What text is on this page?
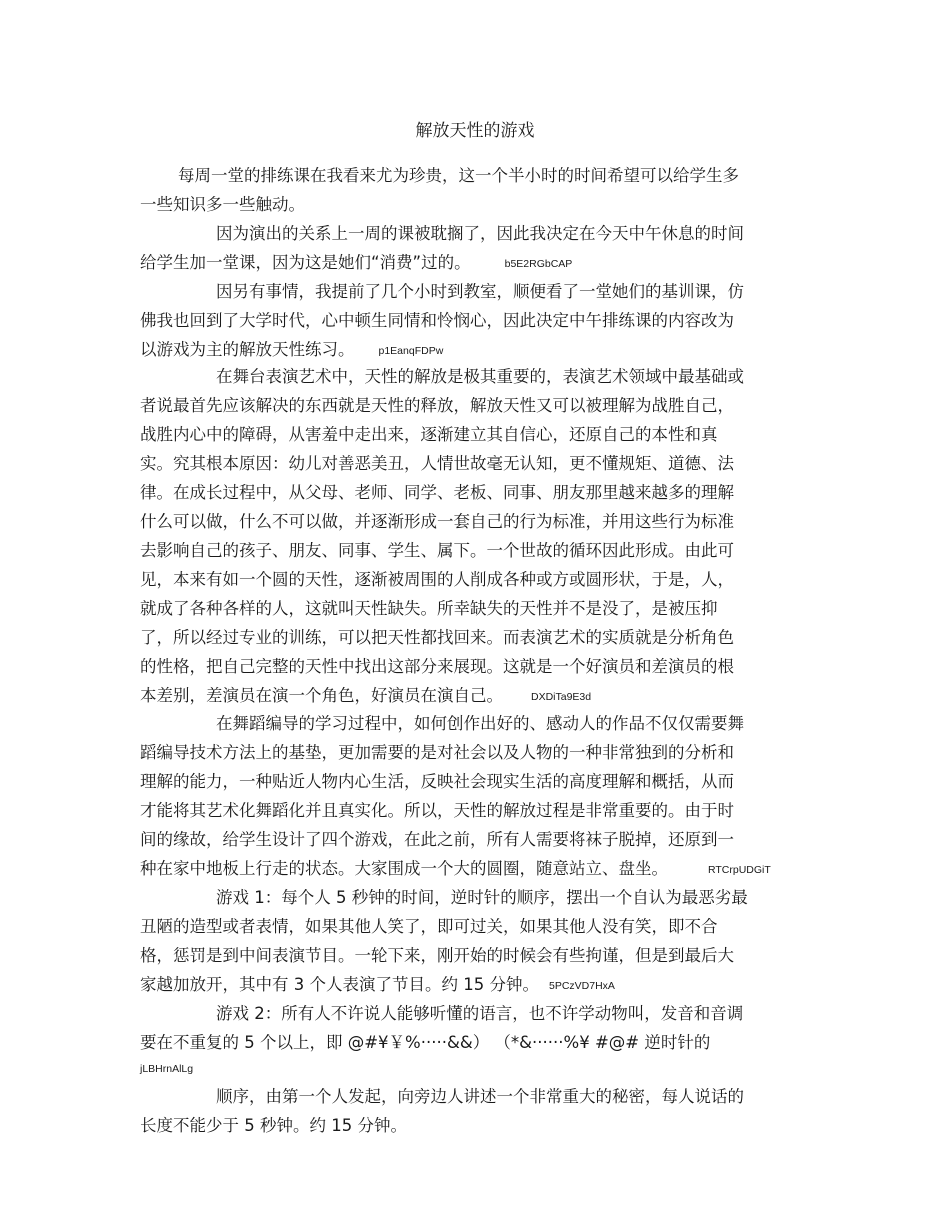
解放天性的游戏
每周一堂的排练课在我看来尤为珍贵，这一个半小时的时间希望可以给学生多
一些知识多一些触动。
因为演出的关系上一周的课被耽搁了，因此我决定在今天中午休息的时间
给学生加一堂课，因为这是她们“消费”过的。	b5E2RGbCAP
因另有事情，我提前了几个小时到教室，顺便看了一堂她们的基训课，仿
佛我也回到了大学时代，心中顿生同情和怜悯心，因此决定中午排练课的内容改为
以游戏为主的解放天性练习。 p1EanqFDPw
在舞台表演艺术中，天性的解放是极其重要的，表演艺术领域中最基础或
者说最首先应该解决的东西就是天性的释放，解放天性又可以被理解为战胜自己，
战胜内心中的障碍，从害羞中走出来，逐渐建立其自信心，还原自己的本性和真
实。究其根本原因：幼儿对善恶美丑，人情世故毫无认知，更不懂规矩、道德、法
律。在成长过程中，从父母、老师、同学、老板、同事、朋友那里越来越多的理解
什么可以做，什么不可以做，并逐渐形成一套自己的行为标准，并用这些行为标准
去影响自己的孩子、朋友、同事、学生、属下。一个世故的循环因此形成。由此可
见，本来有如一个圆的天性，逐渐被周围的人削成各种或方或圆形状，于是，人，
就成了各种各样的人，这就叫天性缺失。所幸缺失的天性并不是没了，是被压抑
了，所以经过专业的训练，可以把天性都找回来。而表演艺术的实质就是分析角色
的性格，把自己完整的天性中找出这部分来展现。这就是一个好演员和差演员的根
本差别，差演员在演一个角色，好演员在演自己。	DXDiTa9E3d
在舞蹈编导的学习过程中，如何创作出好的、感动人的作品不仅仅需要舞
蹈编导技术方法上的基垫，更加需要的是对社会以及人物的一种非常独到的分析和
理解的能力，一种贴近人物内心生活，反映社会现实生活的高度理解和概括，从而
才能将其艺术化舞蹈化并且真实化。所以，天性的解放过程是非常重要的。由于时
间的缘故，给学生设计了四个游戏，在此之前，所有人需要将袜子脱掉，还原到一
种在家中地板上行走的状态。大家围成一个大的圆圈，随意站立、盘坐。	RTCrpUDGiT
游戏 1：每个人 5 秒钟的时间，逆时针的顺序，摆出一个自认为最恶劣最
丑陋的造型或者表情，如果其他人笑了，即可过关，如果其他人没有笑，即不合
格，惩罚是到中间表演节目。一轮下来，刚开始的时候会有些拘谨，但是到最后大
家越加放开，其中有 3 个人表演了节目。约 15 分钟。 5PCzVD7HxA
游戏 2：所有人不许说人能够听懂的语言，也不许学动物叫，发音和音调
要在不重复的 5 个以上，即 @#¥￥%·····&&） （*&······%¥ #@# 逆时针的
jLBHrnAlLg
顺序，由第一个人发起，向旁边人讲述一个非常重大的秘密，每人说话的
长度不能少于 5 秒钟。约 15 分钟。
